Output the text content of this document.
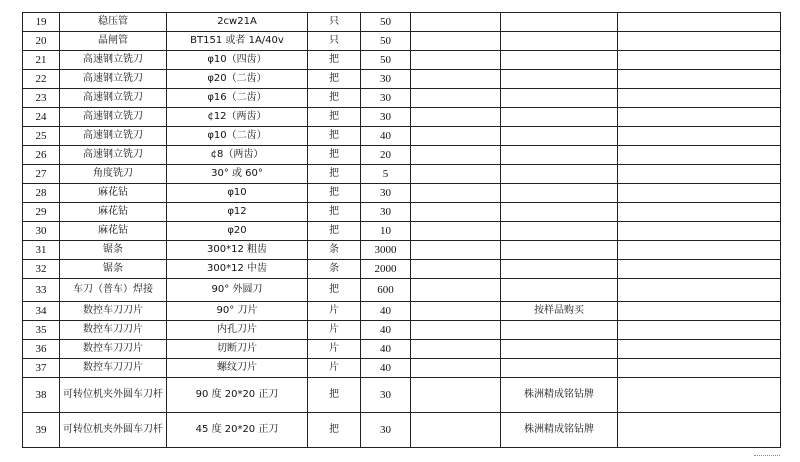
19	稳压管	2cw21A	只	50			
20	晶闸管	BT151 或者 1A/40v	只	50			
21	高速钢立铣刀	φ10（四齿）	把	50			
22	高速钢立铣刀	φ20（二齿）	把	30			
23	高速钢立铣刀	φ16（二齿）	把	30			
24	高速钢立铣刀	¢12（两齿）	把	30			
25	高速钢立铣刀	φ10（二齿）	把	40			
26	高速钢立铣刀	¢8（两齿）	把	20			
27	角度铣刀	30° 或 60°	把	5			
28	麻花钻	φ10	把	30			
29	麻花钻	φ12	把	30			
30	麻花钻	φ20	把	10			
31	锯条	300*12 粗齿	条	3000			
32	锯条	300*12 中齿	条	2000			
33	车刀（普车）焊接	90° 外圆刀	把	600			
34	数控车刀刀片	90° 刀片	片	40		按样品购买	
35	数控车刀刀片	内孔刀片	片	40			
36	数控车刀刀片	切断刀片	片	40			
37	数控车刀刀片	螺纹刀片	片	40			
38	可转位机夹外圆车刀杆	90 度 20*20 正刀	把	30		株洲精成铭钻牌	
39	可转位机夹外圆车刀杆	45 度 20*20 正刀	把	30		株洲精成铭钻牌	
